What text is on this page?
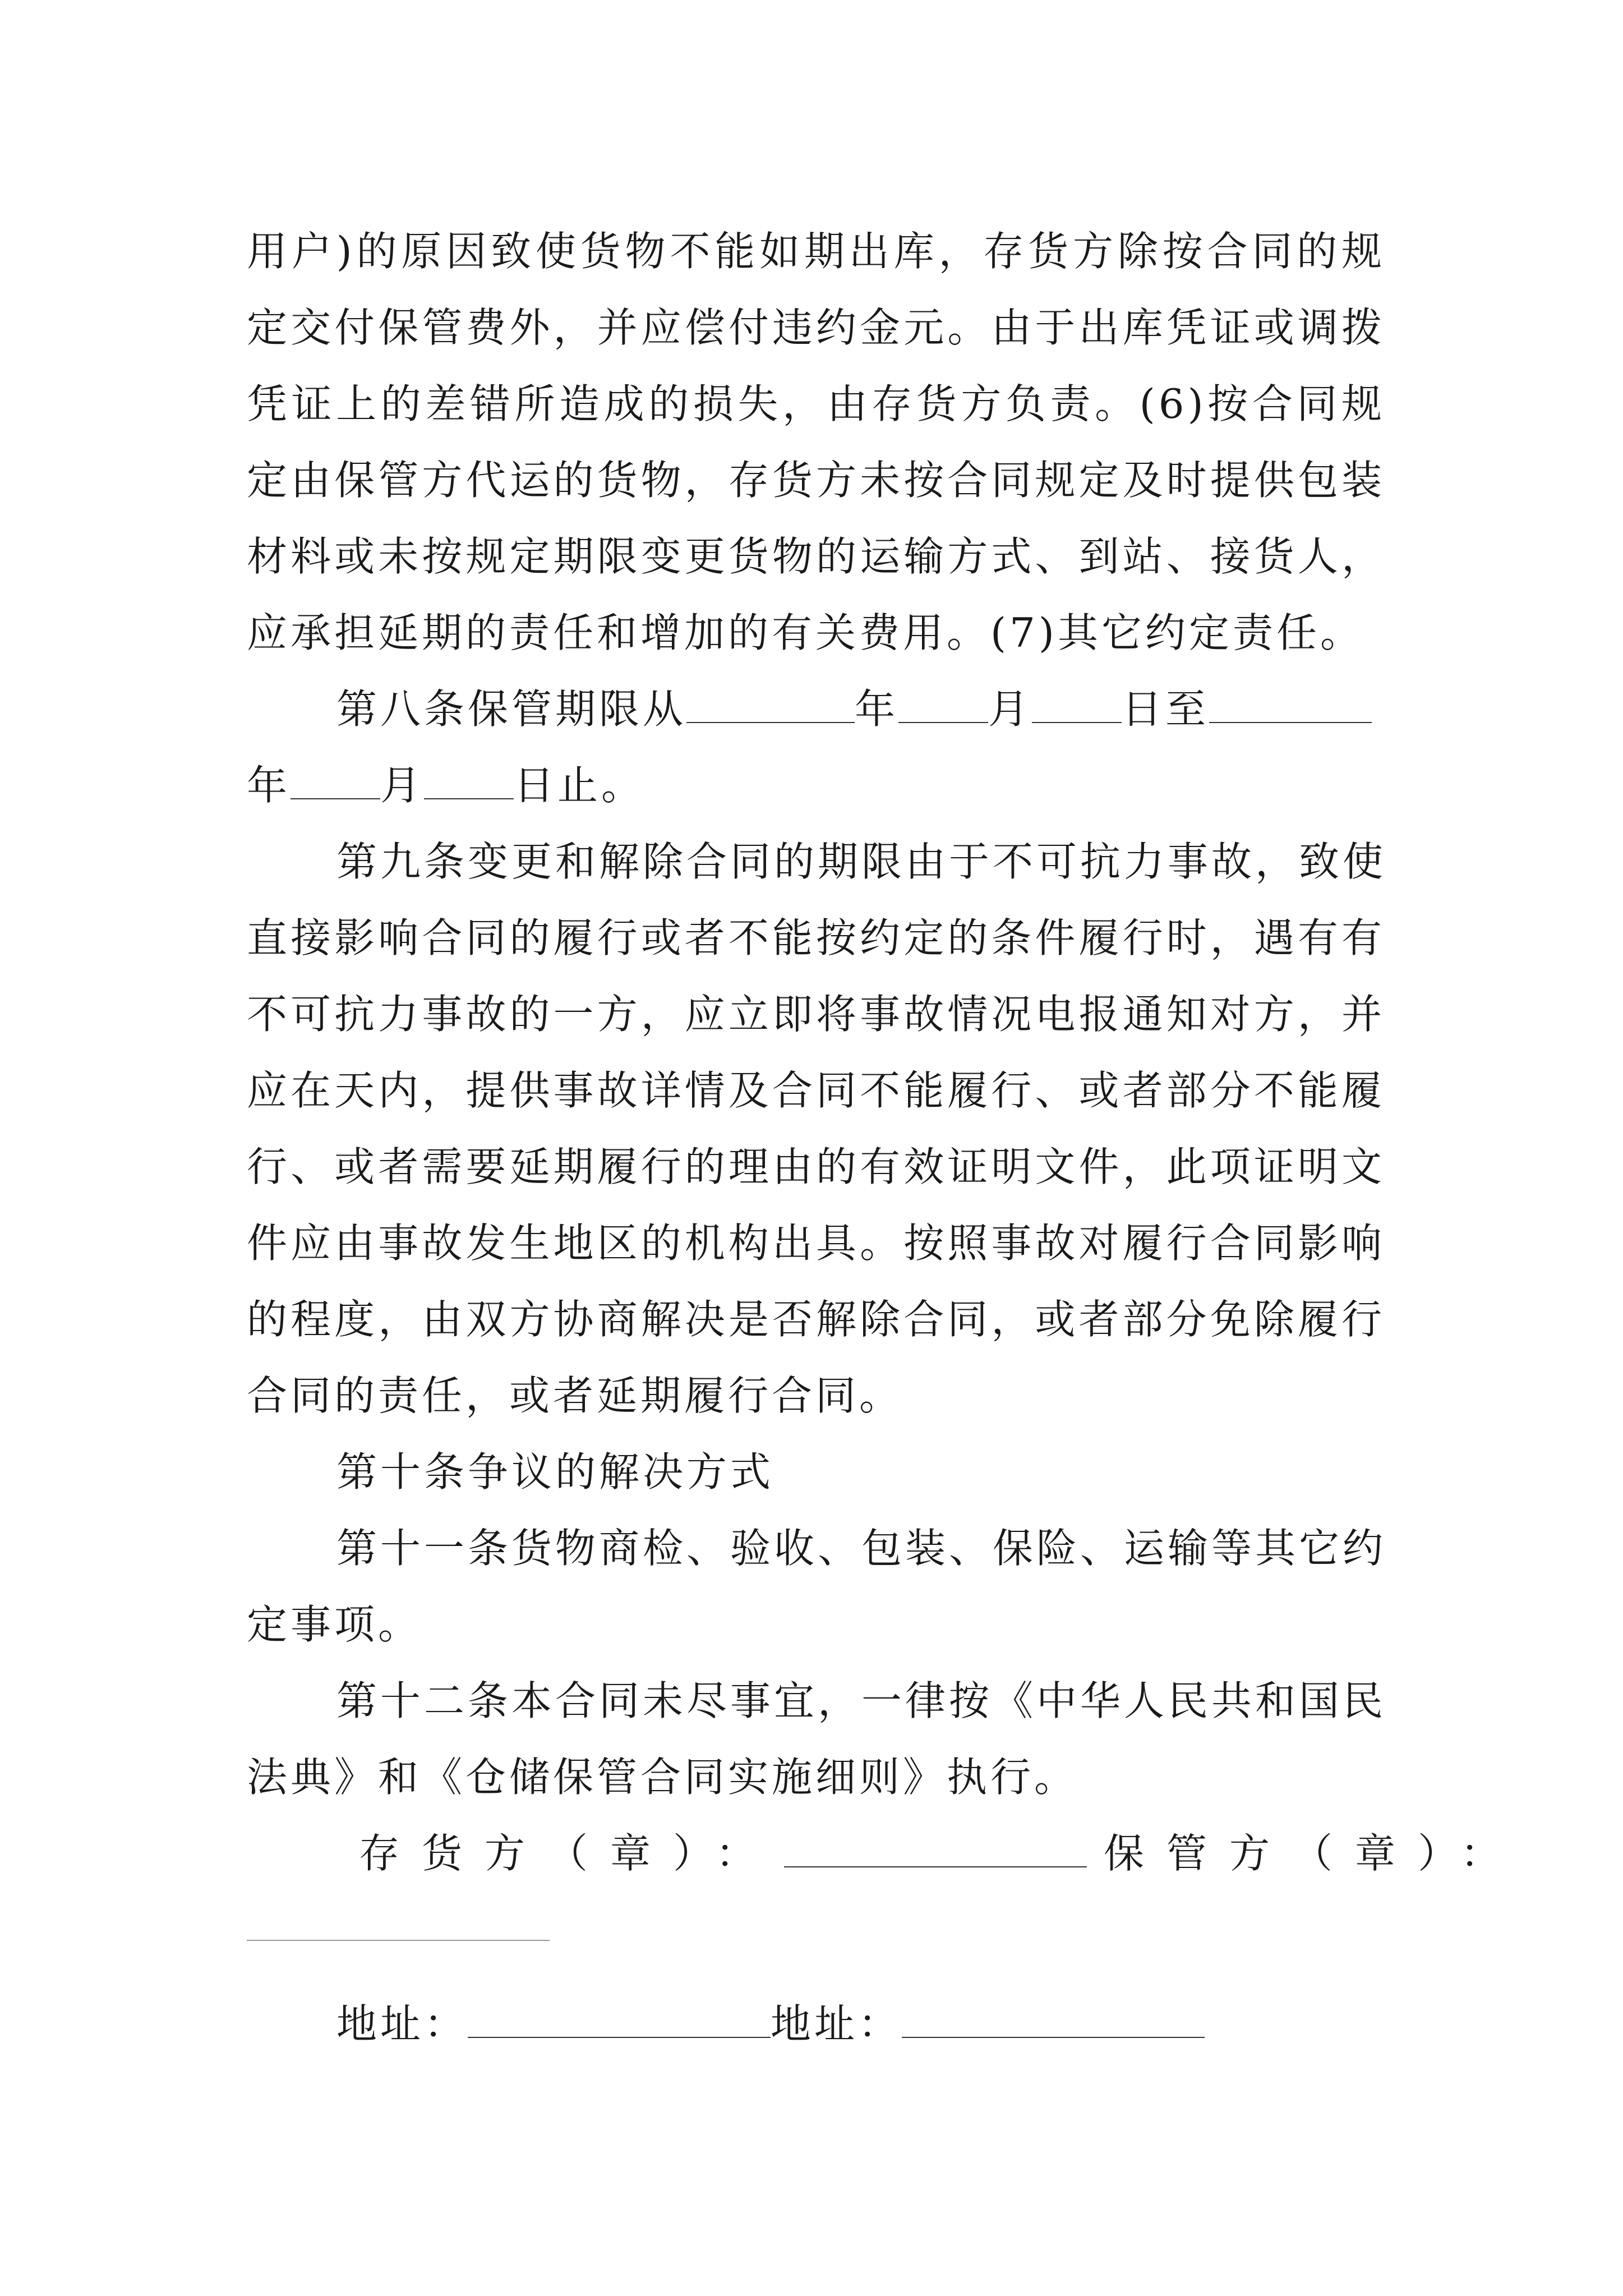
用户)的原因致使货物不能如期出库，存货方除按合同的规
定交付保管费外，并应偿付违约金元。由于出库凭证或调拨
凭证上的差错所造成的损失，由存货方负责。(6)按合同规
定由保管方代运的货物，存货方未按合同规定及时提供包装
材料或未按规定期限变更货物的运输方式、到站、接货人，
应承担延期的责任和增加的有关费用。(7)其它约定责任。
第八条保管期限从	年 月 日至
年 月 日止。
第九条变更和解除合同的期限由于不可抗力事故，致使
直接影响合同的履行或者不能按约定的条件履行时，遇有有
不可抗力事故的一方，应立即将事故情况电报通知对方，并
应在天内，提供事故详情及合同不能履行、或者部分不能履
行、或者需要延期履行的理由的有效证明文件，此项证明文
件应由事故发生地区的机构出具。按照事故对履行合同影响
的程度，由双方协商解决是否解除合同，或者部分免除履行
合同的责任，或者延期履行合同。
第十条争议的解决方式
第十一条货物商检、验收、包装、保险、运输等其它约
定事项。
第十二条本合同未尽事宜，一律按《中华人民共和国民
法典》和《仓储保管合同实施细则》执行。
存货方（章）：	保管方（章）：
地址：	地址：
